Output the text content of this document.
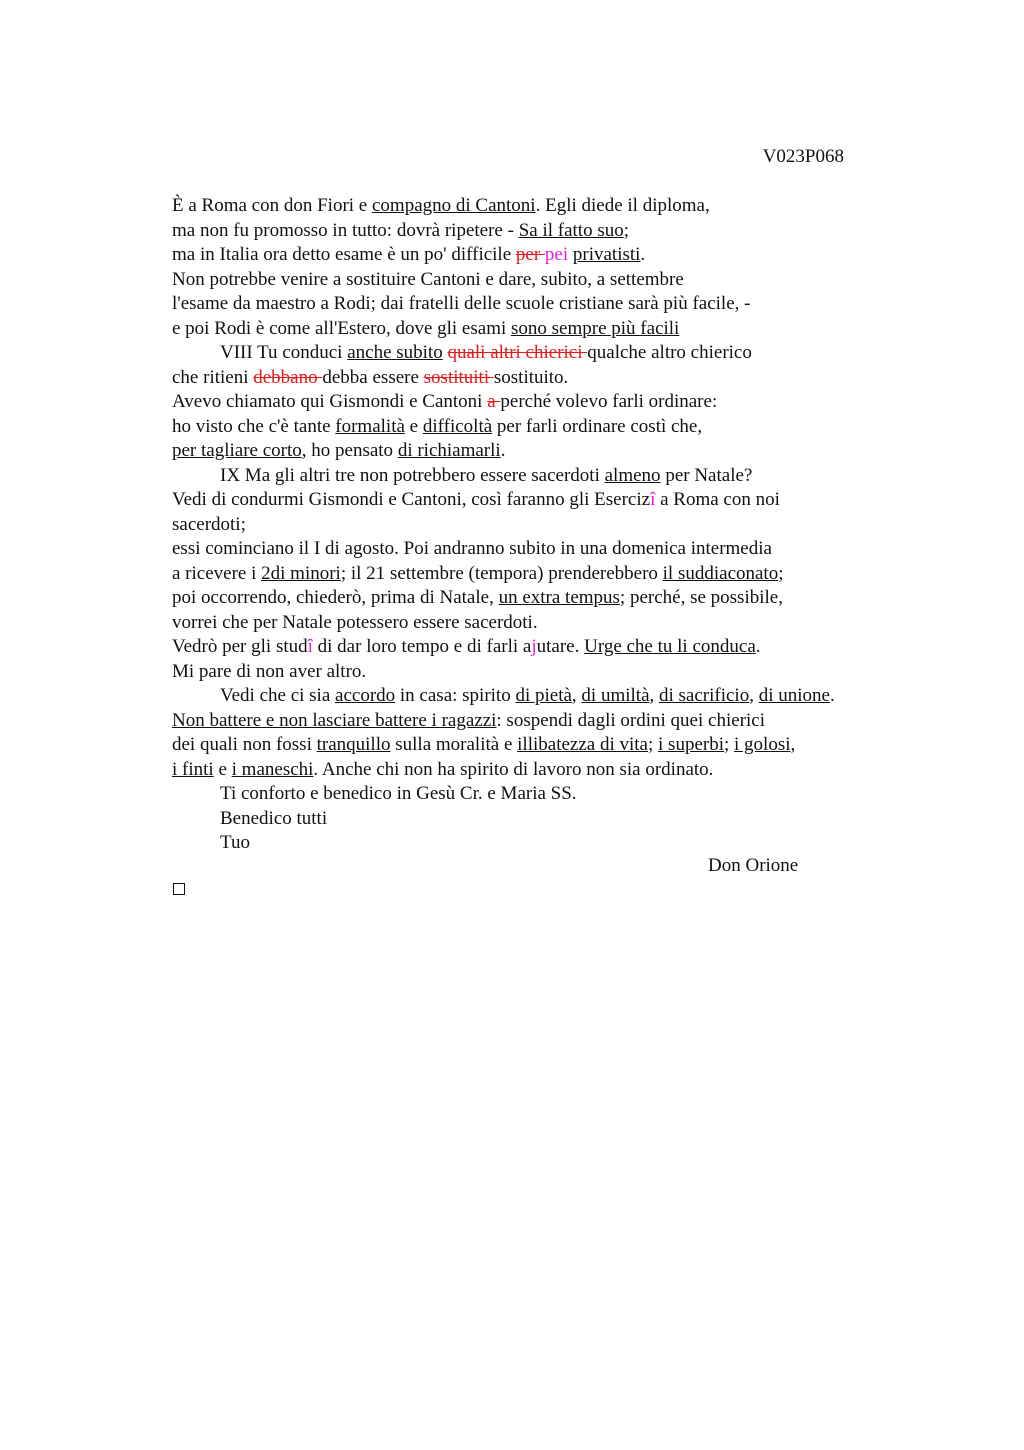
V023P068
È a Roma con don Fiori e compagno di Cantoni. Egli diede il diploma,
ma non fu promosso in tutto: dovrà ripetere - Sa il fatto suo;
ma in Italia ora detto esame è un po' difficile per pei privatisti.
Non potrebbe venire a sostituire Cantoni e dare, subito, a settembre
l'esame da maestro a Rodi; dai fratelli delle scuole cristiane sarà più facile, -
e poi Rodi è come all'Estero, dove gli esami sono sempre più facili
VIII Tu conduci anche subito quali altri chierici qualche altro chierico
che ritieni debbano debba essere sostituiti sostituito.
Avevo chiamato qui Gismondi e Cantoni a perché volevo farli ordinare:
ho visto che c'è tante formalità e difficoltà per farli ordinare costì che,
per tagliare corto, ho pensato di richiamarli.
IX Ma gli altri tre non potrebbero essere sacerdoti almeno per Natale?
Vedi di condurmi Gismondi e Cantoni, così faranno gli Esercizî a Roma con noi
sacerdoti;
essi cominciano il I di agosto. Poi andranno subito in una domenica intermedia
a ricevere i 2di minori; il 21 settembre (tempora) prenderebbero il suddiaconato;
poi occorrendo, chiederò, prima di Natale, un extra tempus; perché, se possibile,
vorrei che per Natale potessero essere sacerdoti.
Vedrò per gli studî di dar loro tempo e di farli ajutare. Urge che tu li conduca.
Mi pare di non aver altro.
Vedi che ci sia accordo in casa: spirito di pietà, di umiltà, di sacrificio, di unione.
Non battere e non lasciare battere i ragazzi: sospendi dagli ordini quei chierici
dei quali non fossi tranquillo sulla moralità e illibatezza di vita; i superbi; i golosi,
i finti e i maneschi. Anche chi non ha spirito di lavoro non sia ordinato.
Ti conforto e benedico in Gesù Cr. e Maria SS.
Benedico tutti
Tuo
Don Orione
